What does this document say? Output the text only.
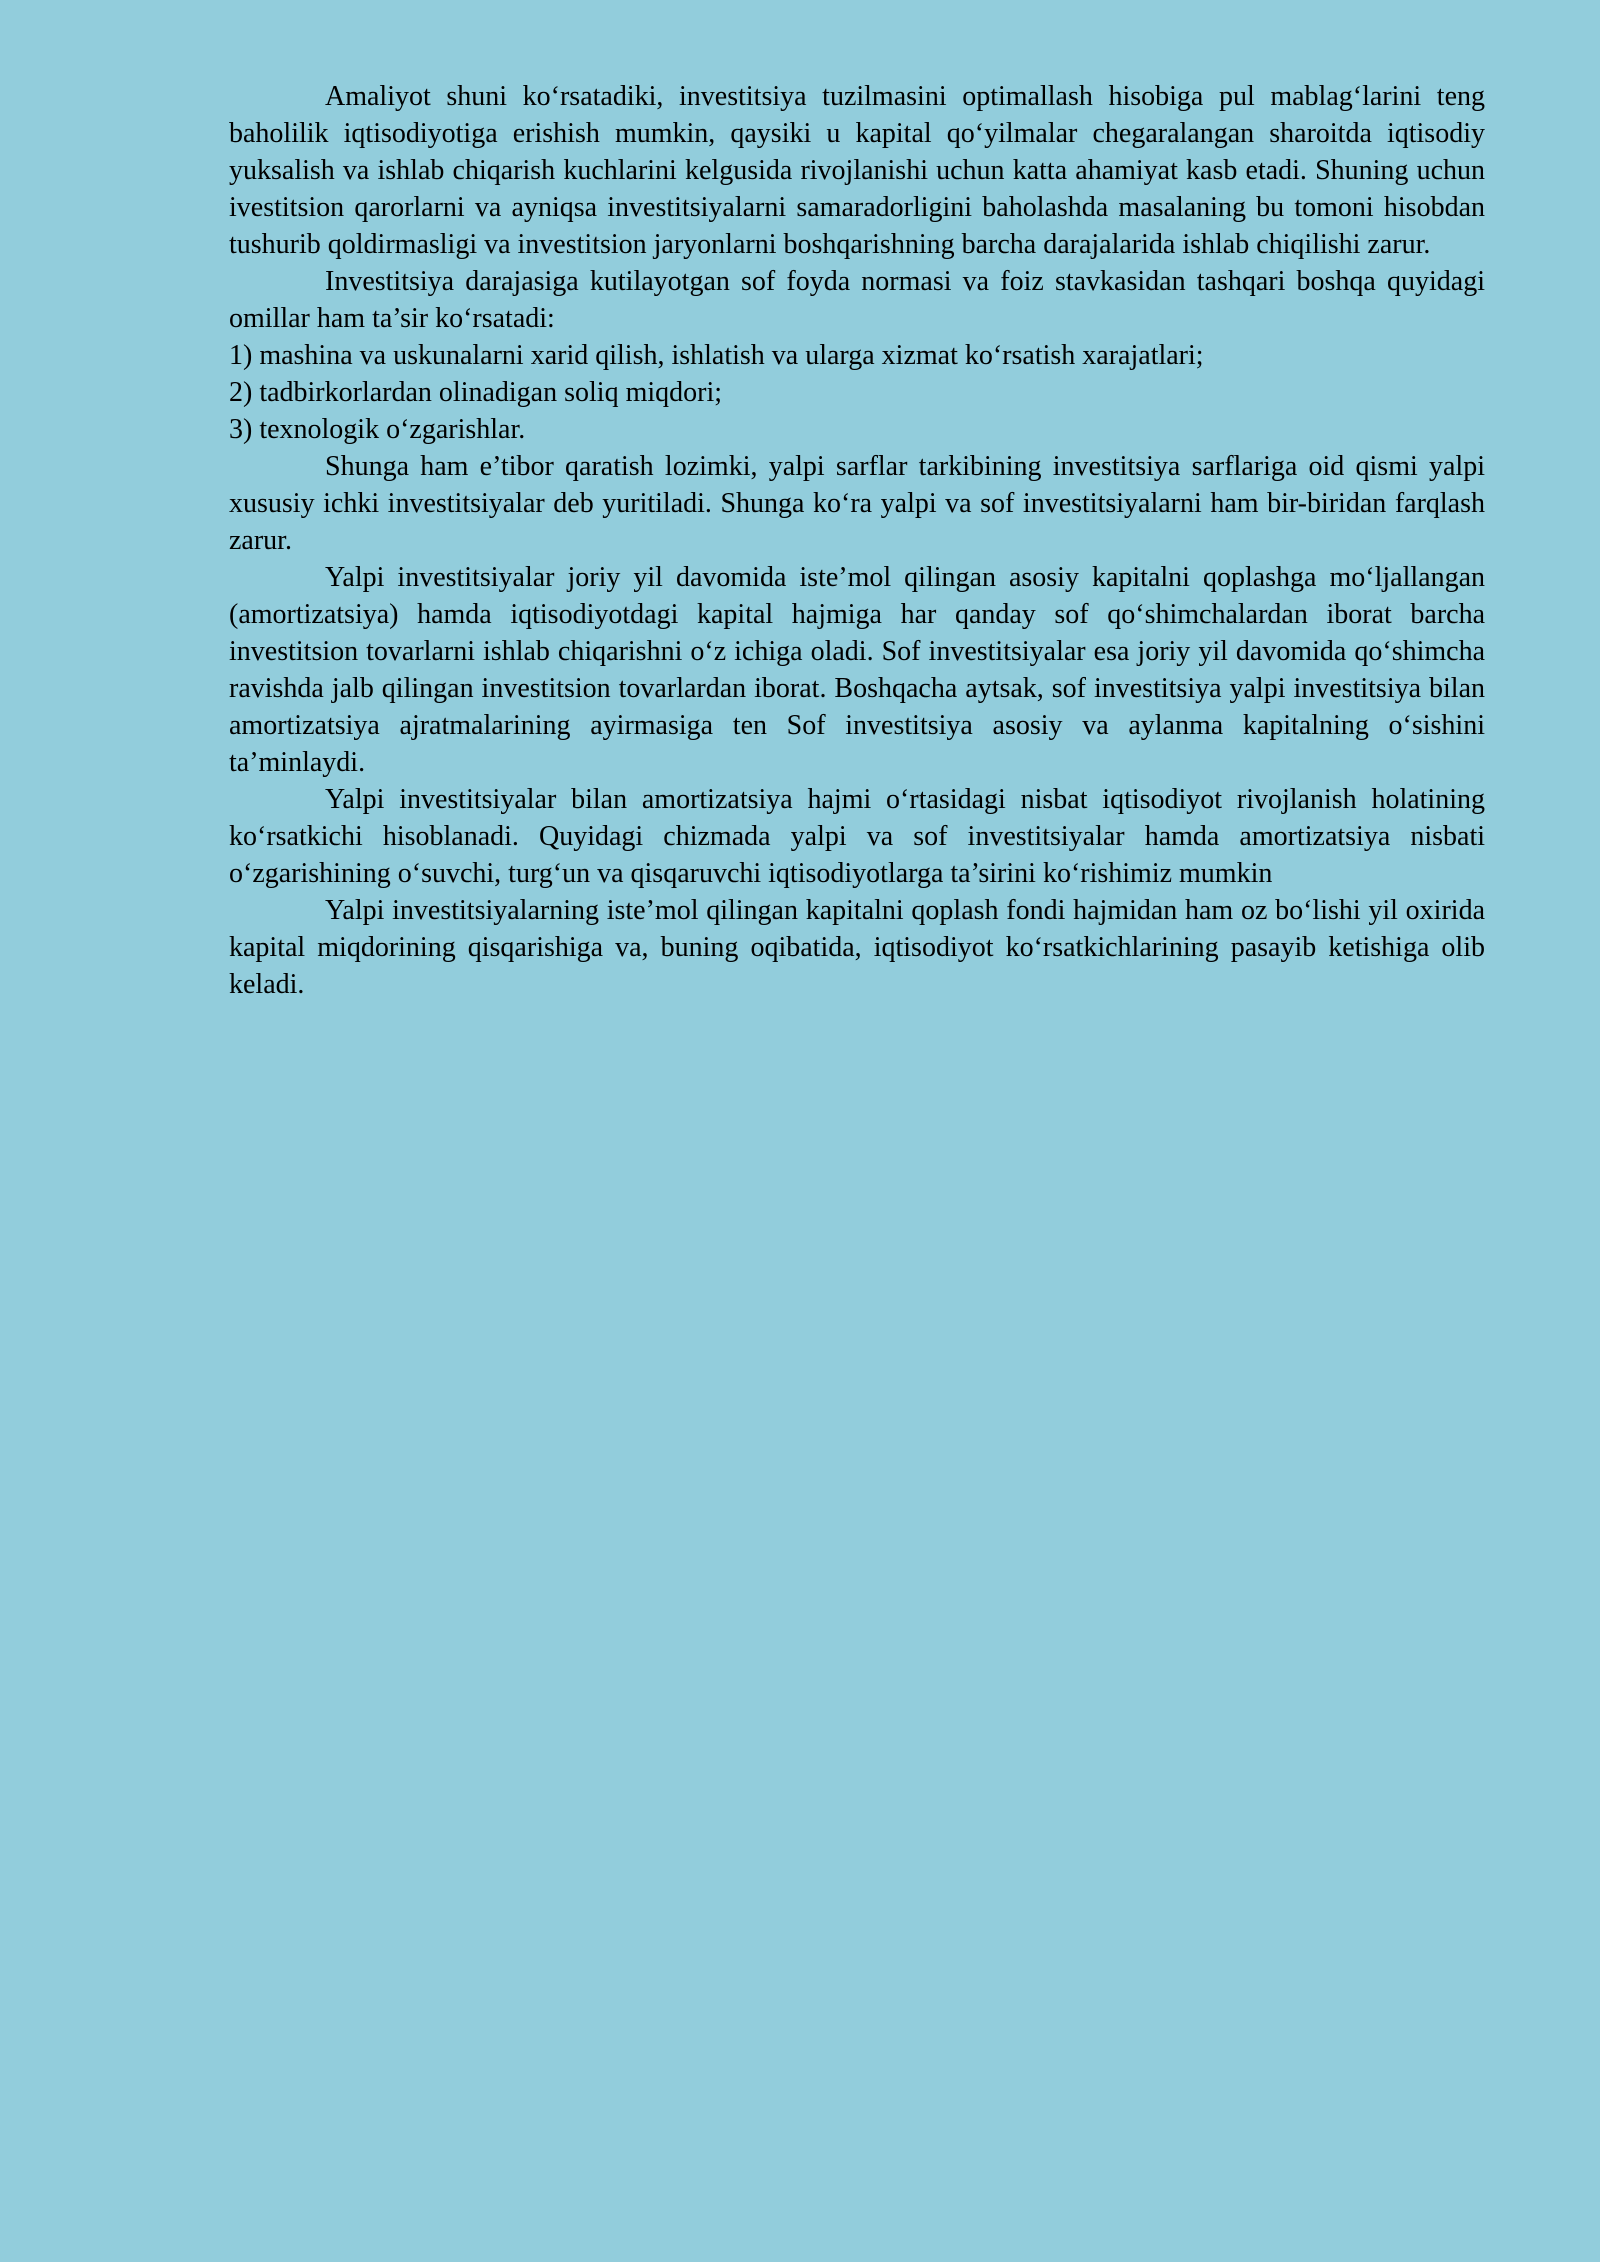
Amaliyot shuni ko‘rsatadiki, investitsiya tuzilmasini optimallash hisobiga pul mablag‘larini teng baholilik iqtisodiyotiga erishish mumkin, qaysiki u kapital qo‘yilmalar chegaralangan sharoitda iqtisodiy yuksalish va ishlab chiqarish kuchlarini kelgusida rivojlanishi uchun katta ahamiyat kasb etadi. Shuning uchun ivestitsion qarorlarni va ayniqsa investitsiyalarni samaradorligini baholashda masalaning bu tomoni hisobdan tushurib qoldirmasligi va investitsion jaryonlarni boshqarishning barcha darajalarida ishlab chiqilishi zarur.

Investitsiya darajasiga kutilayotgan sof foyda normasi va foiz stavkasidan tashqari boshqa quyidagi omillar ham ta’sir ko‘rsatadi:

1) mashina va uskunalarni xarid qilish, ishlatish va ularga xizmat ko‘rsatish xarajatlari;

2) tadbirkorlardan olinadigan soliq miqdori;

3) texnologik o‘zgarishlar.

Shunga ham e’tibor qaratish lozimki, yalpi sarflar tarkibining investitsiya sarflariga oid qismi yalpi xususiy ichki investitsiyalar deb yuritiladi. Shunga ko‘ra yalpi va sof investitsiyalarni ham bir-biridan farqlash zarur.

Yalpi investitsiyalar joriy yil davomida iste’mol qilingan asosiy kapitalni qoplashga mo‘ljallangan (amortizatsiya) hamda iqtisodiyotdagi kapital hajmiga har qanday sof qo‘shimchalardan iborat barcha investitsion tovarlarni ishlab chiqarishni o‘z ichiga oladi. Sof investitsiyalar esa joriy yil davomida qo‘shimcha ravishda jalb qilingan investitsion tovarlardan iborat. Boshqacha aytsak, sof investitsiya yalpi investitsiya bilan amortizatsiya ajratmalarining ayirmasiga ten Sof investitsiya asosiy va aylanma kapitalning o‘sishini ta’minlaydi.

Yalpi investitsiyalar bilan amortizatsiya hajmi o‘rtasidagi nisbat iqtisodiyot rivojlanish holatining ko‘rsatkichi hisoblanadi. Quyidagi chizmada yalpi va sof investitsiyalar hamda amortizatsiya nisbati o‘zgarishining o‘suvchi, turg‘un va qisqaruvchi iqtisodiyotlarga ta’sirini ko‘rishimiz mumkin

Yalpi investitsiyalarning iste’mol qilingan kapitalni qoplash fondi hajmidan ham oz bo‘lishi yil oxirida kapital miqdorining qisqarishiga va, buning oqibatida, iqtisodiyot ko‘rsatkichlarining pasayib ketishiga olib keladi.
